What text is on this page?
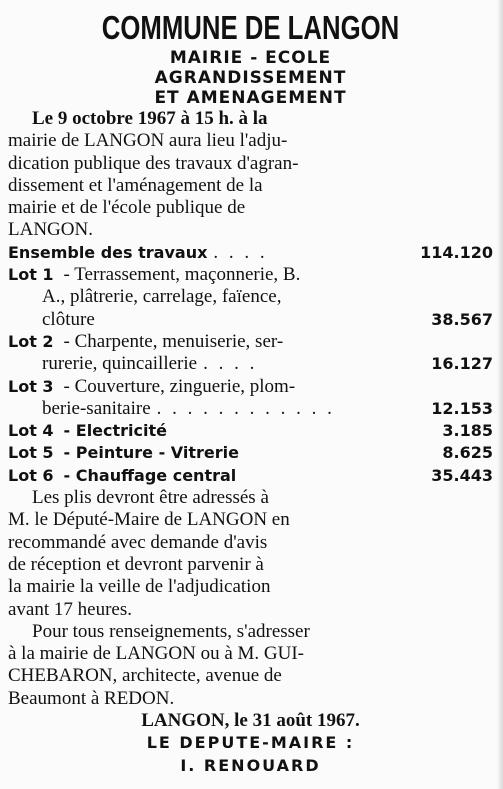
COMMUNE DE LANGON
MAIRIE - ECOLE
AGRANDISSEMENT
ET AMENAGEMENT
Le 9 octobre 1967 à 15 h. à la
mairie de LANGON aura lieu l'adju-
dication publique des travaux d'agran-
dissement et l'aménagement de la
mairie et de l'école publique de
LANGON.
Ensemble des travaux . . . .	114.120
Lot 1 - Terrassement, maçonnerie, B.
A., plâtrerie, carrelage, faïence,
clôture	38.567
Lot 2 - Charpente, menuiserie, ser-
rurerie, quincaillerie . . . .	16.127
Lot 3 - Couverture, zinguerie, plom-
berie-sanitaire . . . . . . . . . . . .	12.153
Lot 4 - Electricité	3.185
Lot 5 - Peinture - Vitrerie	8.625
Lot 6 - Chauffage central	35.443
Les plis devront être adressés à
M. le Député-Maire de LANGON en
recommandé avec demande d'avis
de réception et devront parvenir à
la mairie la veille de l'adjudication
avant 17 heures.
Pour tous renseignements, s'adresser
à la mairie de LANGON ou à M. GUI-
CHEBARON, architecte, avenue de
Beaumont à REDON.
LANGON, le 31 août 1967.
LE DEPUTE-MAIRE :
I. RENOUARD
